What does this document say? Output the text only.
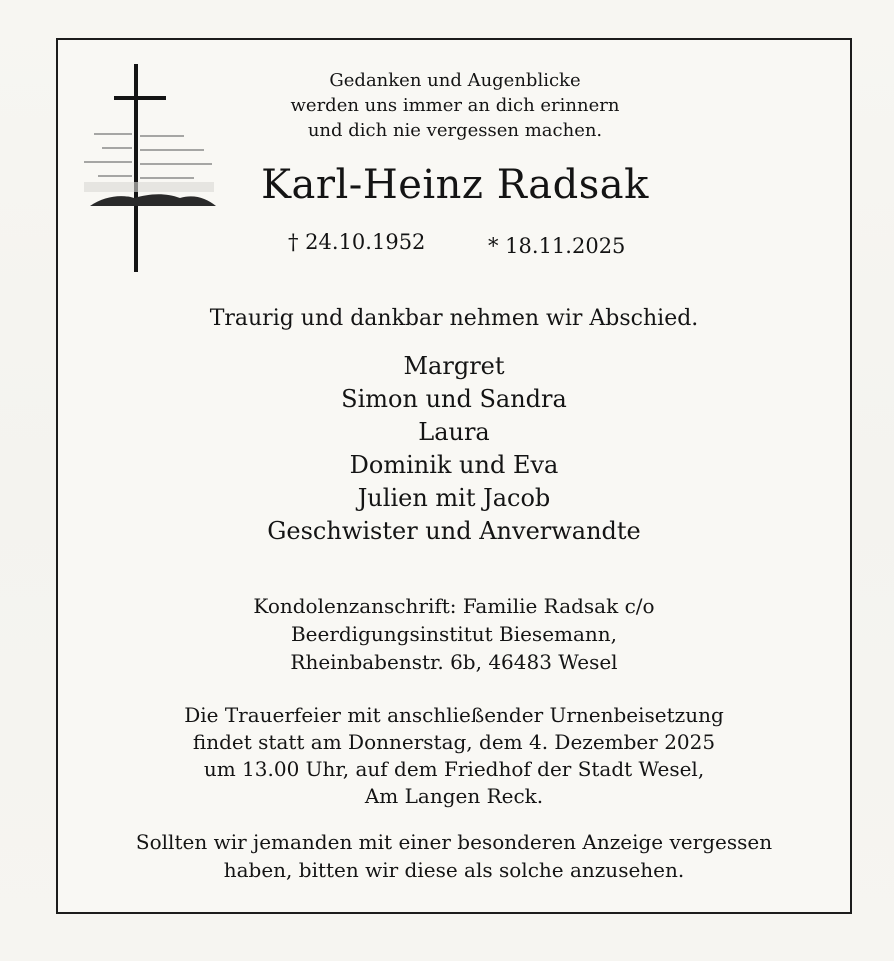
Gedanken und Augenblicke
werden uns immer an dich erinnern
und dich nie vergessen machen.

Karl-Heinz Radsak
† 24.10.1952	* 18.11.2025

Traurig und dankbar nehmen wir Abschied.

Margret
Simon und Sandra
Laura
Dominik und Eva
Julien mit Jacob
Geschwister und Anverwandte

Kondolenzanschrift: Familie Radsak c/o
Beerdigungsinstitut Biesemann,
Rheinbabenstr. 6b, 46483 Wesel

Die Trauerfeier mit anschließender Urnenbeisetzung
findet statt am Donnerstag, dem 4. Dezember 2025
um 13.00 Uhr, auf dem Friedhof der Stadt Wesel,
Am Langen Reck.

Sollten wir jemanden mit einer besonderen Anzeige vergessen
haben, bitten wir diese als solche anzusehen.
